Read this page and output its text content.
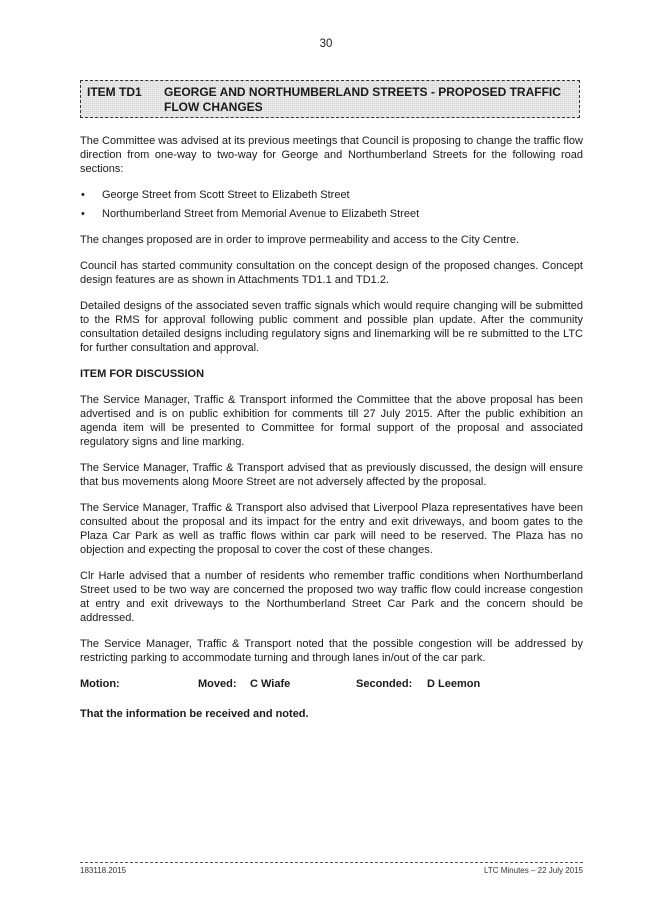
30
ITEM TD1 GEORGE AND NORTHUMBERLAND STREETS - PROPOSED TRAFFIC FLOW CHANGES

The Committee was advised at its previous meetings that Council is proposing to change the traffic flow direction from one-way to two-way for George and Northumberland Streets for the following road sections:

• George Street from Scott Street to Elizabeth Street
• Northumberland Street from Memorial Avenue to Elizabeth Street

The changes proposed are in order to improve permeability and access to the City Centre.

Council has started community consultation on the concept design of the proposed changes. Concept design features are as shown in Attachments TD1.1 and TD1.2.

Detailed designs of the associated seven traffic signals which would require changing will be submitted to the RMS for approval following public comment and possible plan update. After the community consultation detailed designs including regulatory signs and linemarking will be re submitted to the LTC for further consultation and approval.

ITEM FOR DISCUSSION

The Service Manager, Traffic & Transport informed the Committee that the above proposal has been advertised and is on public exhibition for comments till 27 July 2015. After the public exhibition an agenda item will be presented to Committee for formal support of the proposal and associated regulatory signs and line marking.

The Service Manager, Traffic & Transport advised that as previously discussed, the design will ensure that bus movements along Moore Street are not adversely affected by the proposal.

The Service Manager, Traffic & Transport also advised that Liverpool Plaza representatives have been consulted about the proposal and its impact for the entry and exit driveways, and boom gates to the Plaza Car Park as well as traffic flows within car park will need to be reserved. The Plaza has no objection and expecting the proposal to cover the cost of these changes.

Clr Harle advised that a number of residents who remember traffic conditions when Northumberland Street used to be two way are concerned the proposed two way traffic flow could increase congestion at entry and exit driveways to the Northumberland Street Car Park and the concern should be addressed.

The Service Manager, Traffic & Transport noted that the possible congestion will be addressed by restricting parking to accommodate turning and through lanes in/out of the car park.

Motion:	Moved: C Wiafe	Seconded: D Leemon
That the information be received and noted.
183118.2015	LTC Minutes – 22 July 2015
